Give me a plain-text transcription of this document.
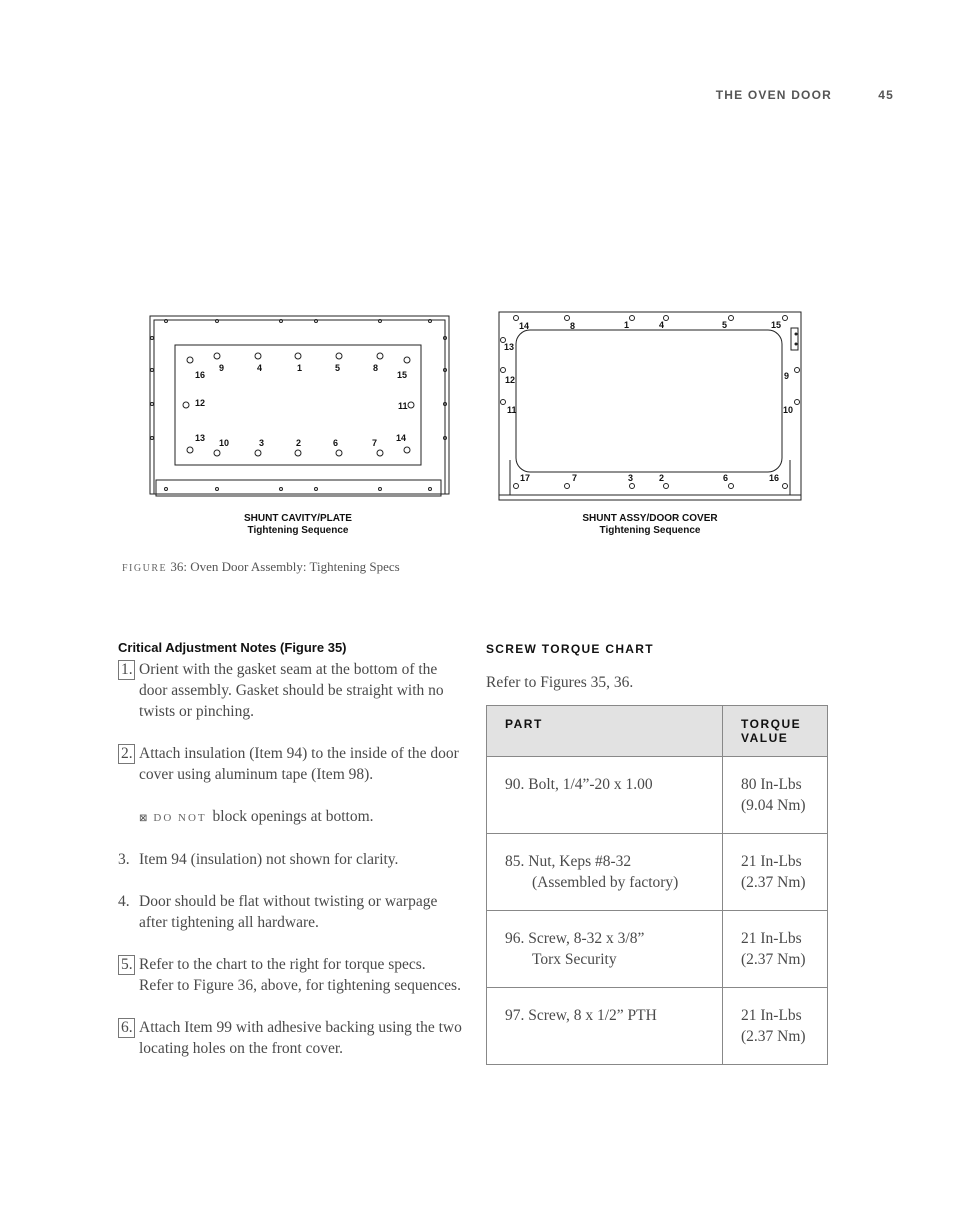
THE OVEN DOOR	45
16
9	4	1	5	8
15
12	11
13 10	3	2	6	7 14
SHUNT CAVITY/PLATE
Tightening Sequence
14	8	1	4	5	15
13
9
12
11	10
17	7	3	2	6	16
SHUNT ASSY/DOOR COVER
Tightening Sequence
FIGURE 36: Oven Door Assembly: Tightening Specs
Critical Adjustment Notes (Figure 35)
1. Orient with the gasket seam at the bottom of the door assembly. Gasket should be straight with no twists or pinching.
2. Attach insulation (Item 94) to the inside of the door cover using aluminum tape (Item 98).
⊠ DO NOT block openings at bottom.
3. Item 94 (insulation) not shown for clarity.
4. Door should be flat without twisting or warpage after tightening all hardware.
5. Refer to the chart to the right for torque specs. Refer to Figure 36, above, for tightening sequences.
6. Attach Item 99 with adhesive backing using the two locating holes on the front cover.
SCREW TORQUE CHART
Refer to Figures 35, 36.
PART	TORQUE
VALUE
90. Bolt, 1/4”-20 x 1.00	80 In-Lbs
(9.04 Nm)
85. Nut, Keps #8-32
(Assembled by factory)	21 In-Lbs
(2.37 Nm)
96. Screw, 8-32 x 3/8”
Torx Security	21 In-Lbs
(2.37 Nm)
97. Screw, 8 x 1/2” PTH	21 In-Lbs
(2.37 Nm)
